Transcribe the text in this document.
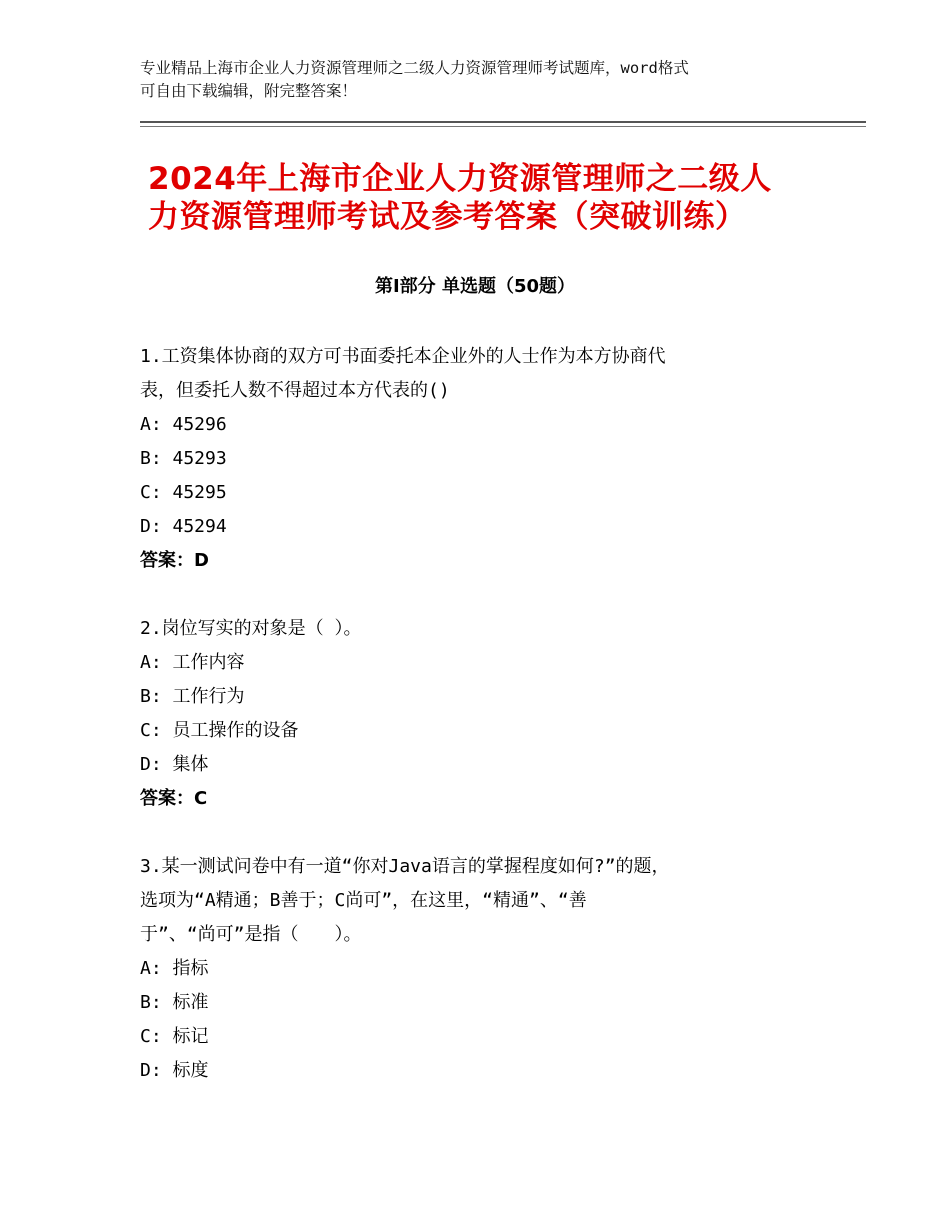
专业精品上海市企业人力资源管理师之二级人力资源管理师考试题库，word格式
可自由下载编辑，附完整答案！
2024年上海市企业人力资源管理师之二级人
力资源管理师考试及参考答案（突破训练）
第Ⅰ部分 单选题（50题）
1.工资集体协商的双方可书面委托本企业外的人士作为本方协商代
表，但委托人数不得超过本方代表的()
A: 45296
B: 45293
C: 45295
D: 45294
答案：D
2.岗位写实的对象是（ ）。
A: 工作内容
B: 工作行为
C: 员工操作的设备
D: 集体
答案：C
3.某一测试问卷中有一道“你对Java语言的掌握程度如何?”的题，
选项为“A精通；B善于；C尚可”，在这里，“精通”、“善
于”、“尚可”是指（　　）。
A: 指标
B: 标准
C: 标记
D: 标度
